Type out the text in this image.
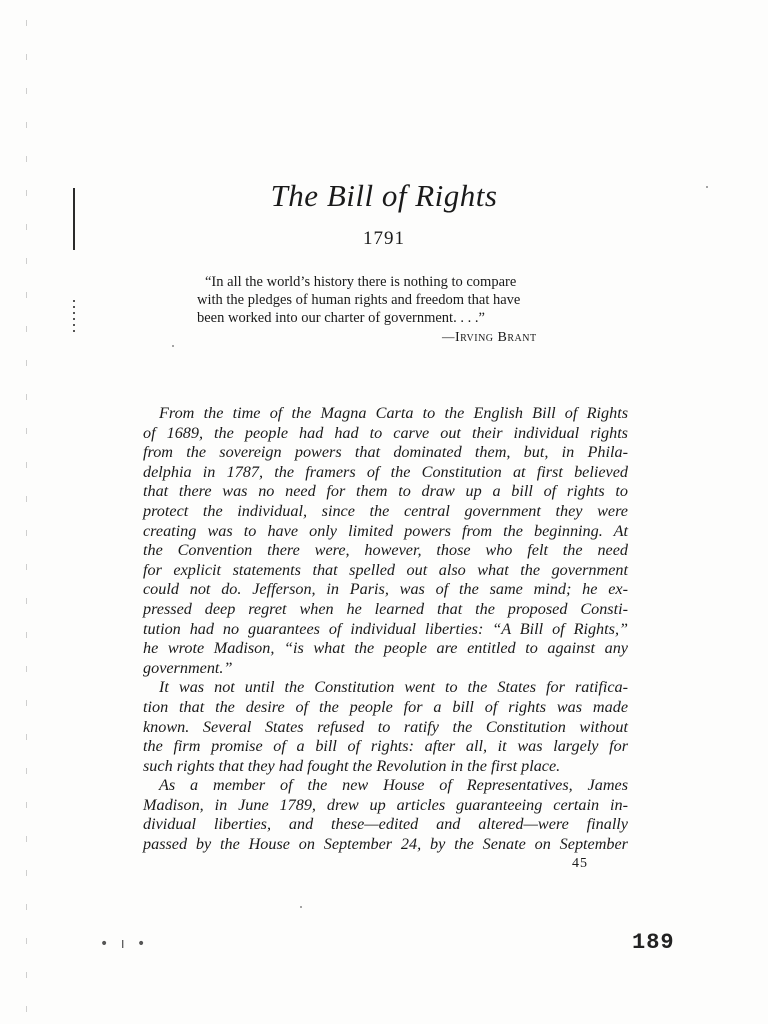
The Bill of Rights
1791
“In all the world’s history there is nothing to compare
with the pledges of human rights and freedom that have
been worked into our charter of government. . . .”
—Irving Brant
From the time of the Magna Carta to the English Bill of Rights
of 1689, the people had had to carve out their individual rights
from the sovereign powers that dominated them, but, in Phila-
delphia in 1787, the framers of the Constitution at first believed
that there was no need for them to draw up a bill of rights to
protect the individual, since the central government they were
creating was to have only limited powers from the beginning. At
the Convention there were, however, those who felt the need
for explicit statements that spelled out also what the government
could not do. Jefferson, in Paris, was of the same mind; he ex-
pressed deep regret when he learned that the proposed Consti-
tution had no guarantees of individual liberties: “A Bill of Rights,”
he wrote Madison, “is what the people are entitled to against any
government.”
It was not until the Constitution went to the States for ratifica-
tion that the desire of the people for a bill of rights was made
known. Several States refused to ratify the Constitution without
the firm promise of a bill of rights: after all, it was largely for
such rights that they had fought the Revolution in the first place.
As a member of the new House of Representatives, James
Madison, in June 1789, drew up articles guaranteeing certain in-
dividual liberties, and these—edited and altered—were finally
passed by the House on September 24, by the Senate on September
45
• ı •	189
